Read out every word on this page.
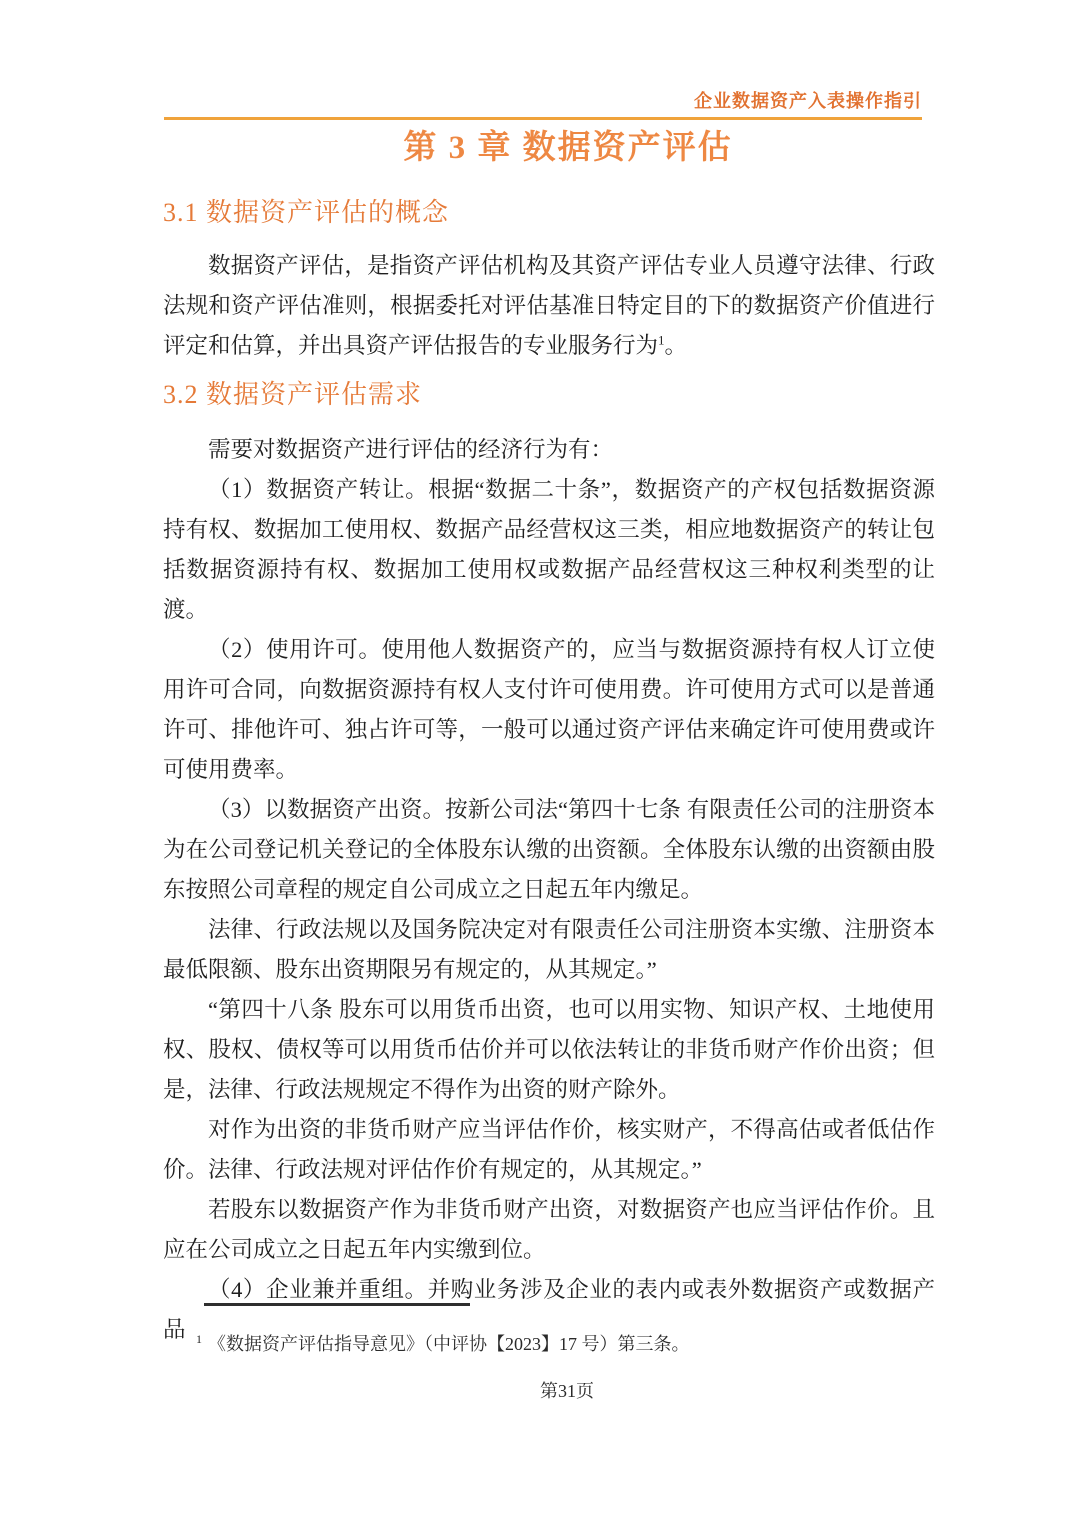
企业数据资产入表操作指引
第 3 章 数据资产评估
3.1 数据资产评估的概念

数据资产评估，是指资产评估机构及其资产评估专业人员遵守法律、行政法规和资产评估准则，根据委托对评估基准日特定目的下的数据资产价值进行评定和估算，并出具资产评估报告的专业服务行为$^1$。

3.2 数据资产评估需求

需要对数据资产进行评估的经济行为有：

（1）数据资产转让。根据“数据二十条”，数据资产的产权包括数据资源持有权、数据加工使用权、数据产品经营权这三类，相应地数据资产的转让包括数据资源持有权、数据加工使用权或数据产品经营权这三种权利类型的让渡。

（2）使用许可。使用他人数据资产的，应当与数据资源持有权人订立使用许可合同，向数据资源持有权人支付许可使用费。许可使用方式可以是普通许可、排他许可、独占许可等，一般可以通过资产评估来确定许可使用费或许可使用费率。

（3）以数据资产出资。按新公司法“第四十七条 有限责任公司的注册资本为在公司登记机关登记的全体股东认缴的出资额。全体股东认缴的出资额由股东按照公司章程的规定自公司成立之日起五年内缴足。

法律、行政法规以及国务院决定对有限责任公司注册资本实缴、注册资本最低限额、股东出资期限另有规定的，从其规定。”

“第四十八条 股东可以用货币出资，也可以用实物、知识产权、土地使用权、股权、债权等可以用货币估价并可以依法转让的非货币财产作价出资；但是，法律、行政法规规定不得作为出资的财产除外。

对作为出资的非货币财产应当评估作价，核实财产，不得高估或者低估作价。法律、行政法规对评估作价有规定的，从其规定。”

若股东以数据资产作为非货币财产出资，对数据资产也应当评估作价。且应在公司成立之日起五年内实缴到位。

（4）企业兼并重组。并购业务涉及企业的表内或表外数据资产或数据产品 $^1$ 《数据资产评估指导意见》（中评协【2023】17 号）第三条。
第31页
